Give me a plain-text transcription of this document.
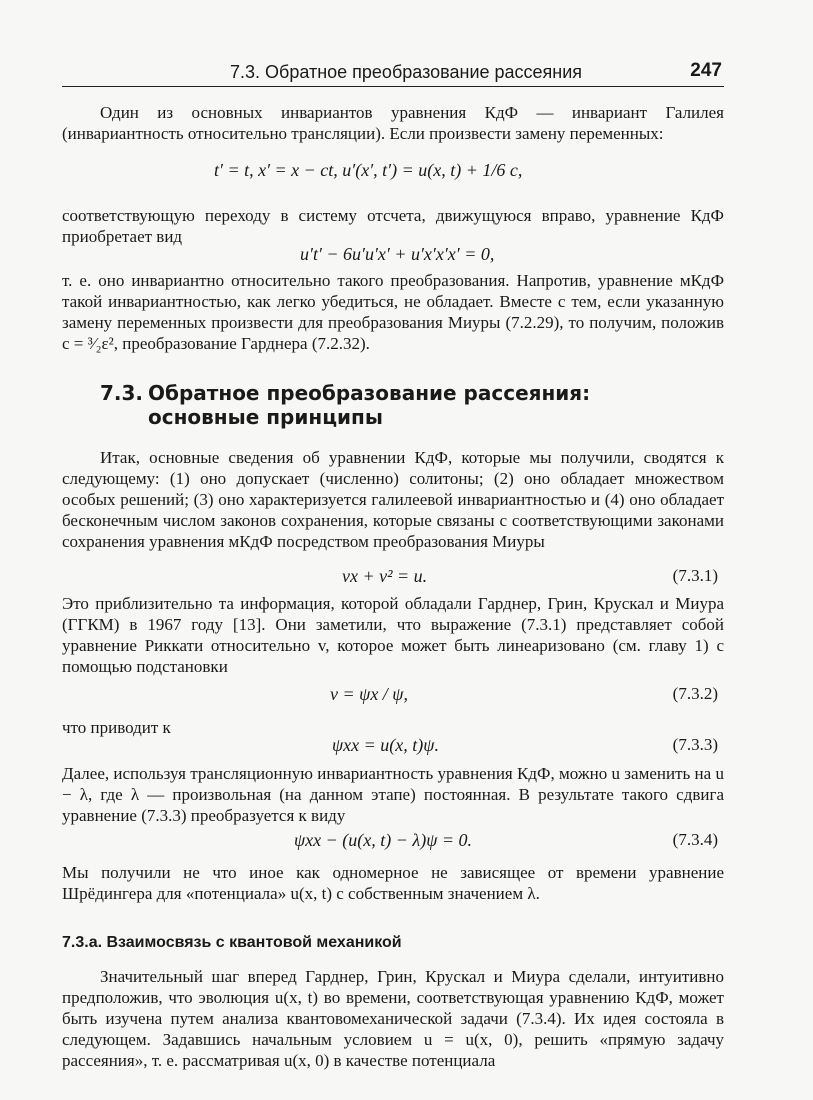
7.3. Обратное преобразование рассеяния	247

Один из основных инвариантов уравнения КдФ — инвариант Галилея (инвариантность относительно трансляции). Если произвести замену переменных:

t′ = t, x′ = x − ct, u′(x′, t′) = u(x, t) + 1/6 c,

соответствующую переходу в систему отсчета, движущуюся вправо, уравнение КдФ приобретает вид

u′t′ − 6u′u′x′ + u′x′x′x′ = 0,

т. е. оно инвариантно относительно такого преобразования. Напротив, уравнение мКдФ такой инвариантностью, как легко убедиться, не обладает. Вместе с тем, если указанную замену переменных произвести для преобразования Миуры (7.2.29), то получим, положив c = ³⁄₂ε², преобразование Гарднера (7.2.32).

7.3. Обратное преобразование рассеяния: основные принципы

Итак, основные сведения об уравнении КдФ, которые мы получили, сводятся к следующему: (1) оно допускает (численно) солитоны; (2) оно обладает множеством особых решений; (3) оно характеризуется галилеевой инвариантностью и (4) оно обладает бесконечным числом законов сохранения, которые связаны с соответствующими законами сохранения уравнения мКдФ посредством преобразования Миуры

vx + v² = u.	(7.3.1)

Это приблизительно та информация, которой обладали Гарднер, Грин, Крускал и Миура (ГГКМ) в 1967 году [13]. Они заметили, что выражение (7.3.1) представляет собой уравнение Риккати относительно v, которое может быть линеаризовано (см. главу 1) с помощью подстановки

v = ψx / ψ,	(7.3.2)

что приводит к

ψxx = u(x, t)ψ.	(7.3.3)

Далее, используя трансляционную инвариантность уравнения КдФ, можно u заменить на u − λ, где λ — произвольная (на данном этапе) постоянная. В результате такого сдвига уравнение (7.3.3) преобразуется к виду

ψxx − (u(x, t) − λ)ψ = 0.	(7.3.4)

Мы получили не что иное как одномерное не зависящее от времени уравнение Шрёдингера для «потенциала» u(x, t) с собственным значением λ.

7.3.а. Взаимосвязь с квантовой механикой

Значительный шаг вперед Гарднер, Грин, Крускал и Миура сделали, интуитивно предположив, что эволюция u(x, t) во времени, соответствующая уравнению КдФ, может быть изучена путем анализа квантовомеханической задачи (7.3.4). Их идея состояла в следующем. Задавшись начальным условием u = u(x, 0), решить «прямую задачу рассеяния», т. е. рассматривая u(x, 0) в качестве потенциала
